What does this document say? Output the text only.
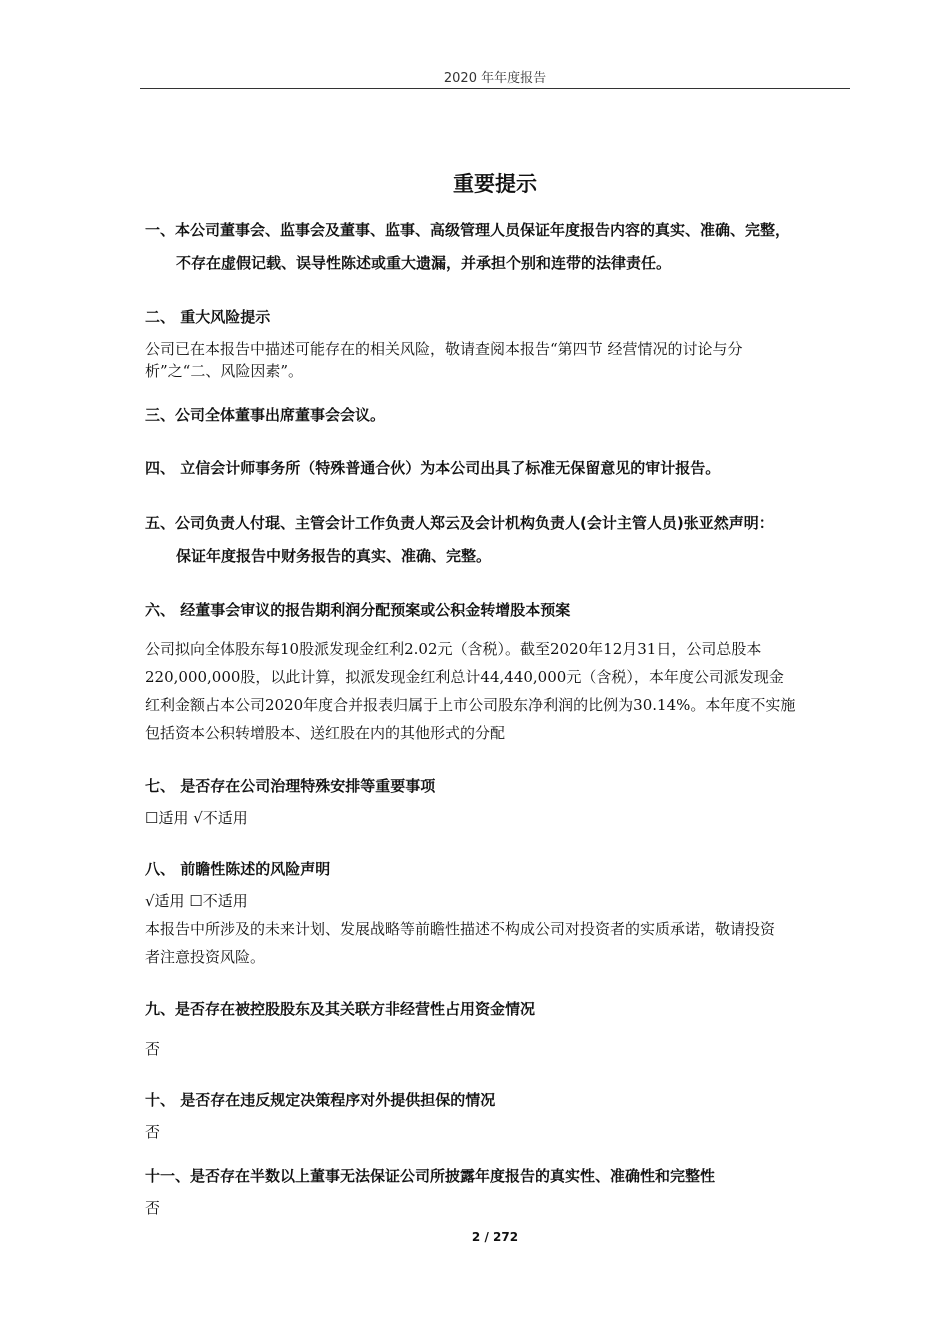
2020 年年度报告
重要提示
一、本公司董事会、监事会及董事、监事、高级管理人员保证年度报告内容的真实、准确、完整，
不存在虚假记载、误导性陈述或重大遗漏，并承担个别和连带的法律责任。
二、 重大风险提示
公司已在本报告中描述可能存在的相关风险，敬请查阅本报告“第四节 经营情况的讨论与分
析”之“二、风险因素”。
三、公司全体董事出席董事会会议。
四、 立信会计师事务所（特殊普通合伙）为本公司出具了标准无保留意见的审计报告。
五、公司负责人付琨、主管会计工作负责人郑云及会计机构负责人(会计主管人员)张亚然声明：
保证年度报告中财务报告的真实、准确、完整。
六、 经董事会审议的报告期利润分配预案或公积金转增股本预案
公司拟向全体股东每10股派发现金红利2.02元（含税）。截至2020年12月31日，公司总股本
220,000,000股，以此计算，拟派发现金红利总计44,440,000元（含税），本年度公司派发现金
红利金额占本公司2020年度合并报表归属于上市公司股东净利润的比例为30.14%。本年度不实施
包括资本公积转增股本、送红股在内的其他形式的分配
七、 是否存在公司治理特殊安排等重要事项
☐适用 √不适用
八、 前瞻性陈述的风险声明
√适用 ☐不适用
本报告中所涉及的未来计划、发展战略等前瞻性描述不构成公司对投资者的实质承诺，敬请投资
者注意投资风险。
九、是否存在被控股股东及其关联方非经营性占用资金情况
否
十、 是否存在违反规定决策程序对外提供担保的情况
否
十一、是否存在半数以上董事无法保证公司所披露年度报告的真实性、准确性和完整性
否
2 / 272
